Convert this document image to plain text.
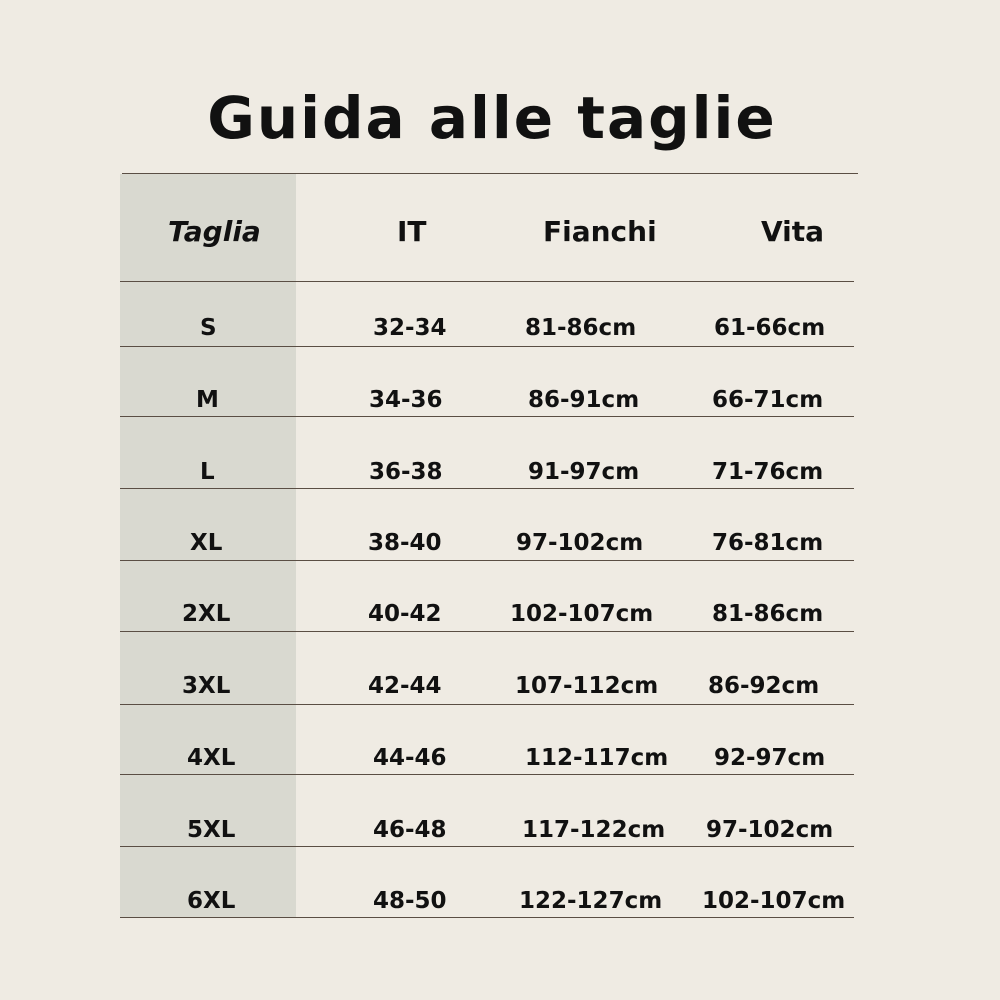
Guida alle taglie
Taglia	IT	Fianchi	Vita
S	32-34	81-86cm	61-66cm
M	34-36	86-91cm	66-71cm
L	36-38	91-97cm	71-76cm
XL	38-40	97-102cm	76-81cm
2XL	40-42	102-107cm	81-86cm
3XL	42-44	107-112cm 86-92cm
4XL	44-46	112-117cm 92-97cm
5XL	46-48	117-122cm 97-102cm
6XL	48-50	122-127cm 102-107cm
